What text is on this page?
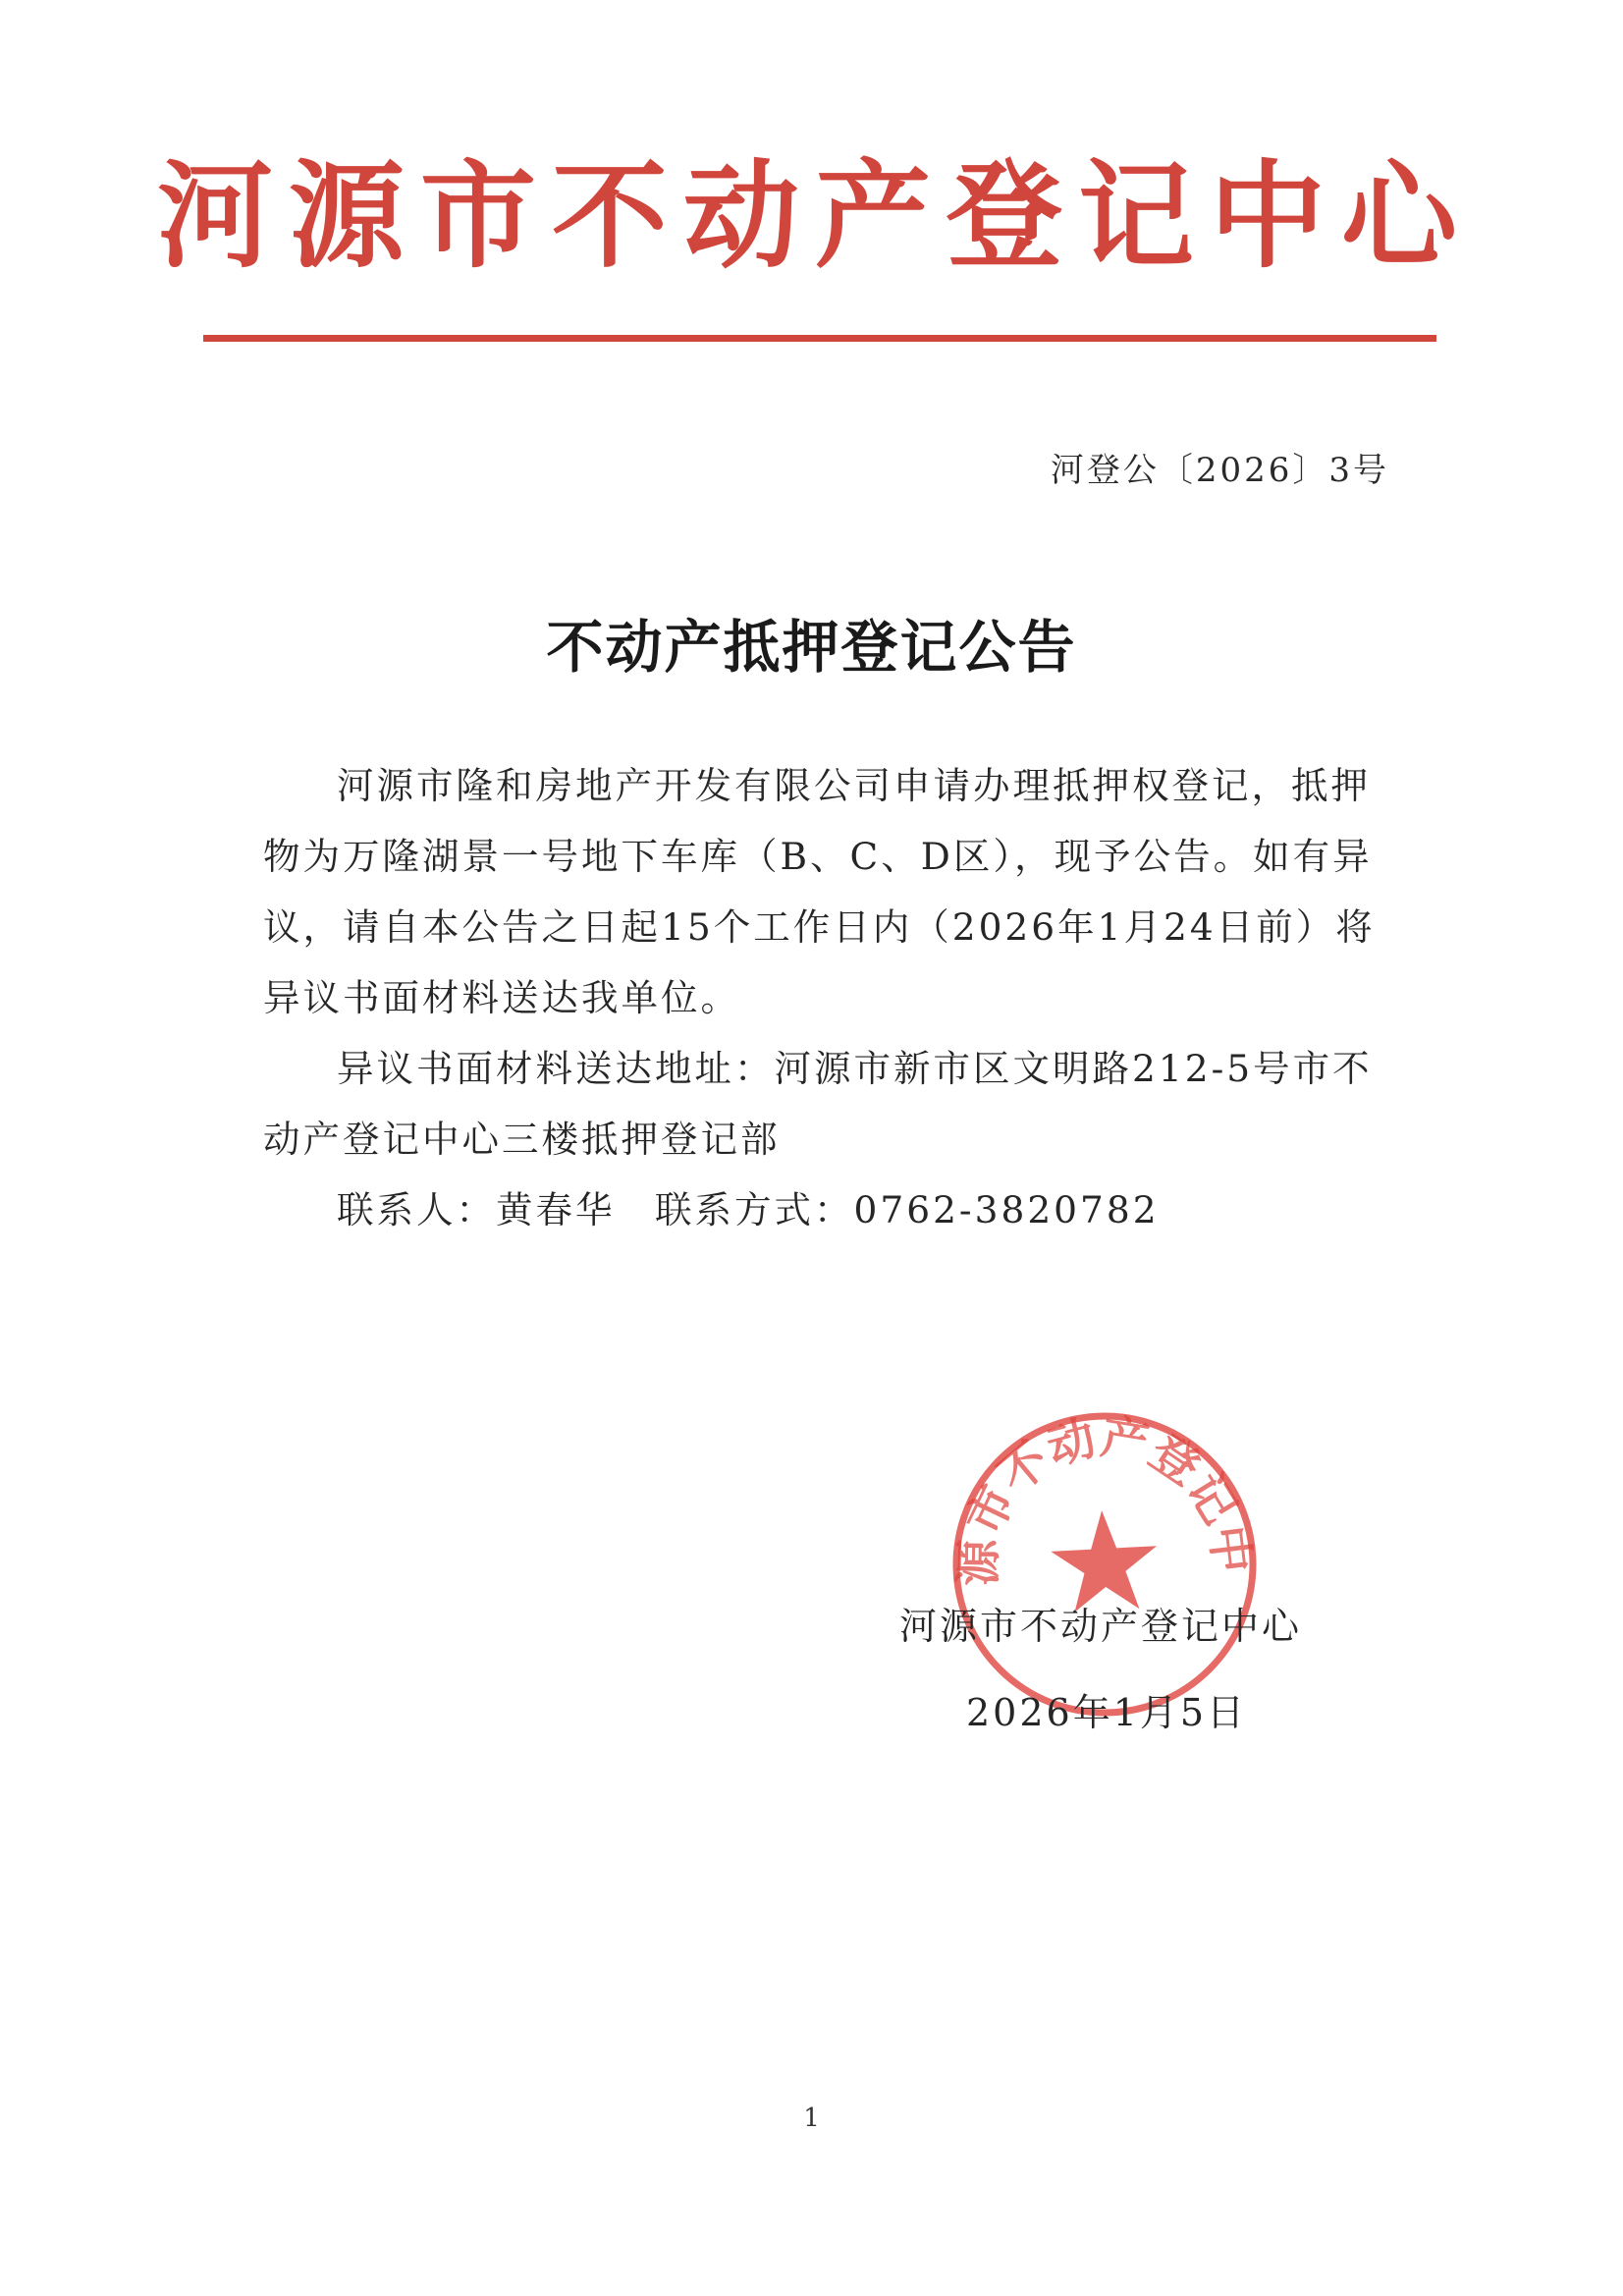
河源市不动产登记中心
河登公〔2026〕3号
不动产抵押登记公告

河源市隆和房地产开发有限公司申请办理抵押权登记，抵押物为万隆湖景一号地下车库（B、C、D区），现予公告。如有异议，请自本公告之日起15个工作日内（2026年1月24日前）将异议书面材料送达我单位。

异议书面材料送达地址：河源市新市区文明路212-5号市不动产登记中心三楼抵押登记部

联系人：黄春华　联系方式：0762-3820782

河源市不动产登记中心
河源市不动产登记中心
2026年1月5日
1
